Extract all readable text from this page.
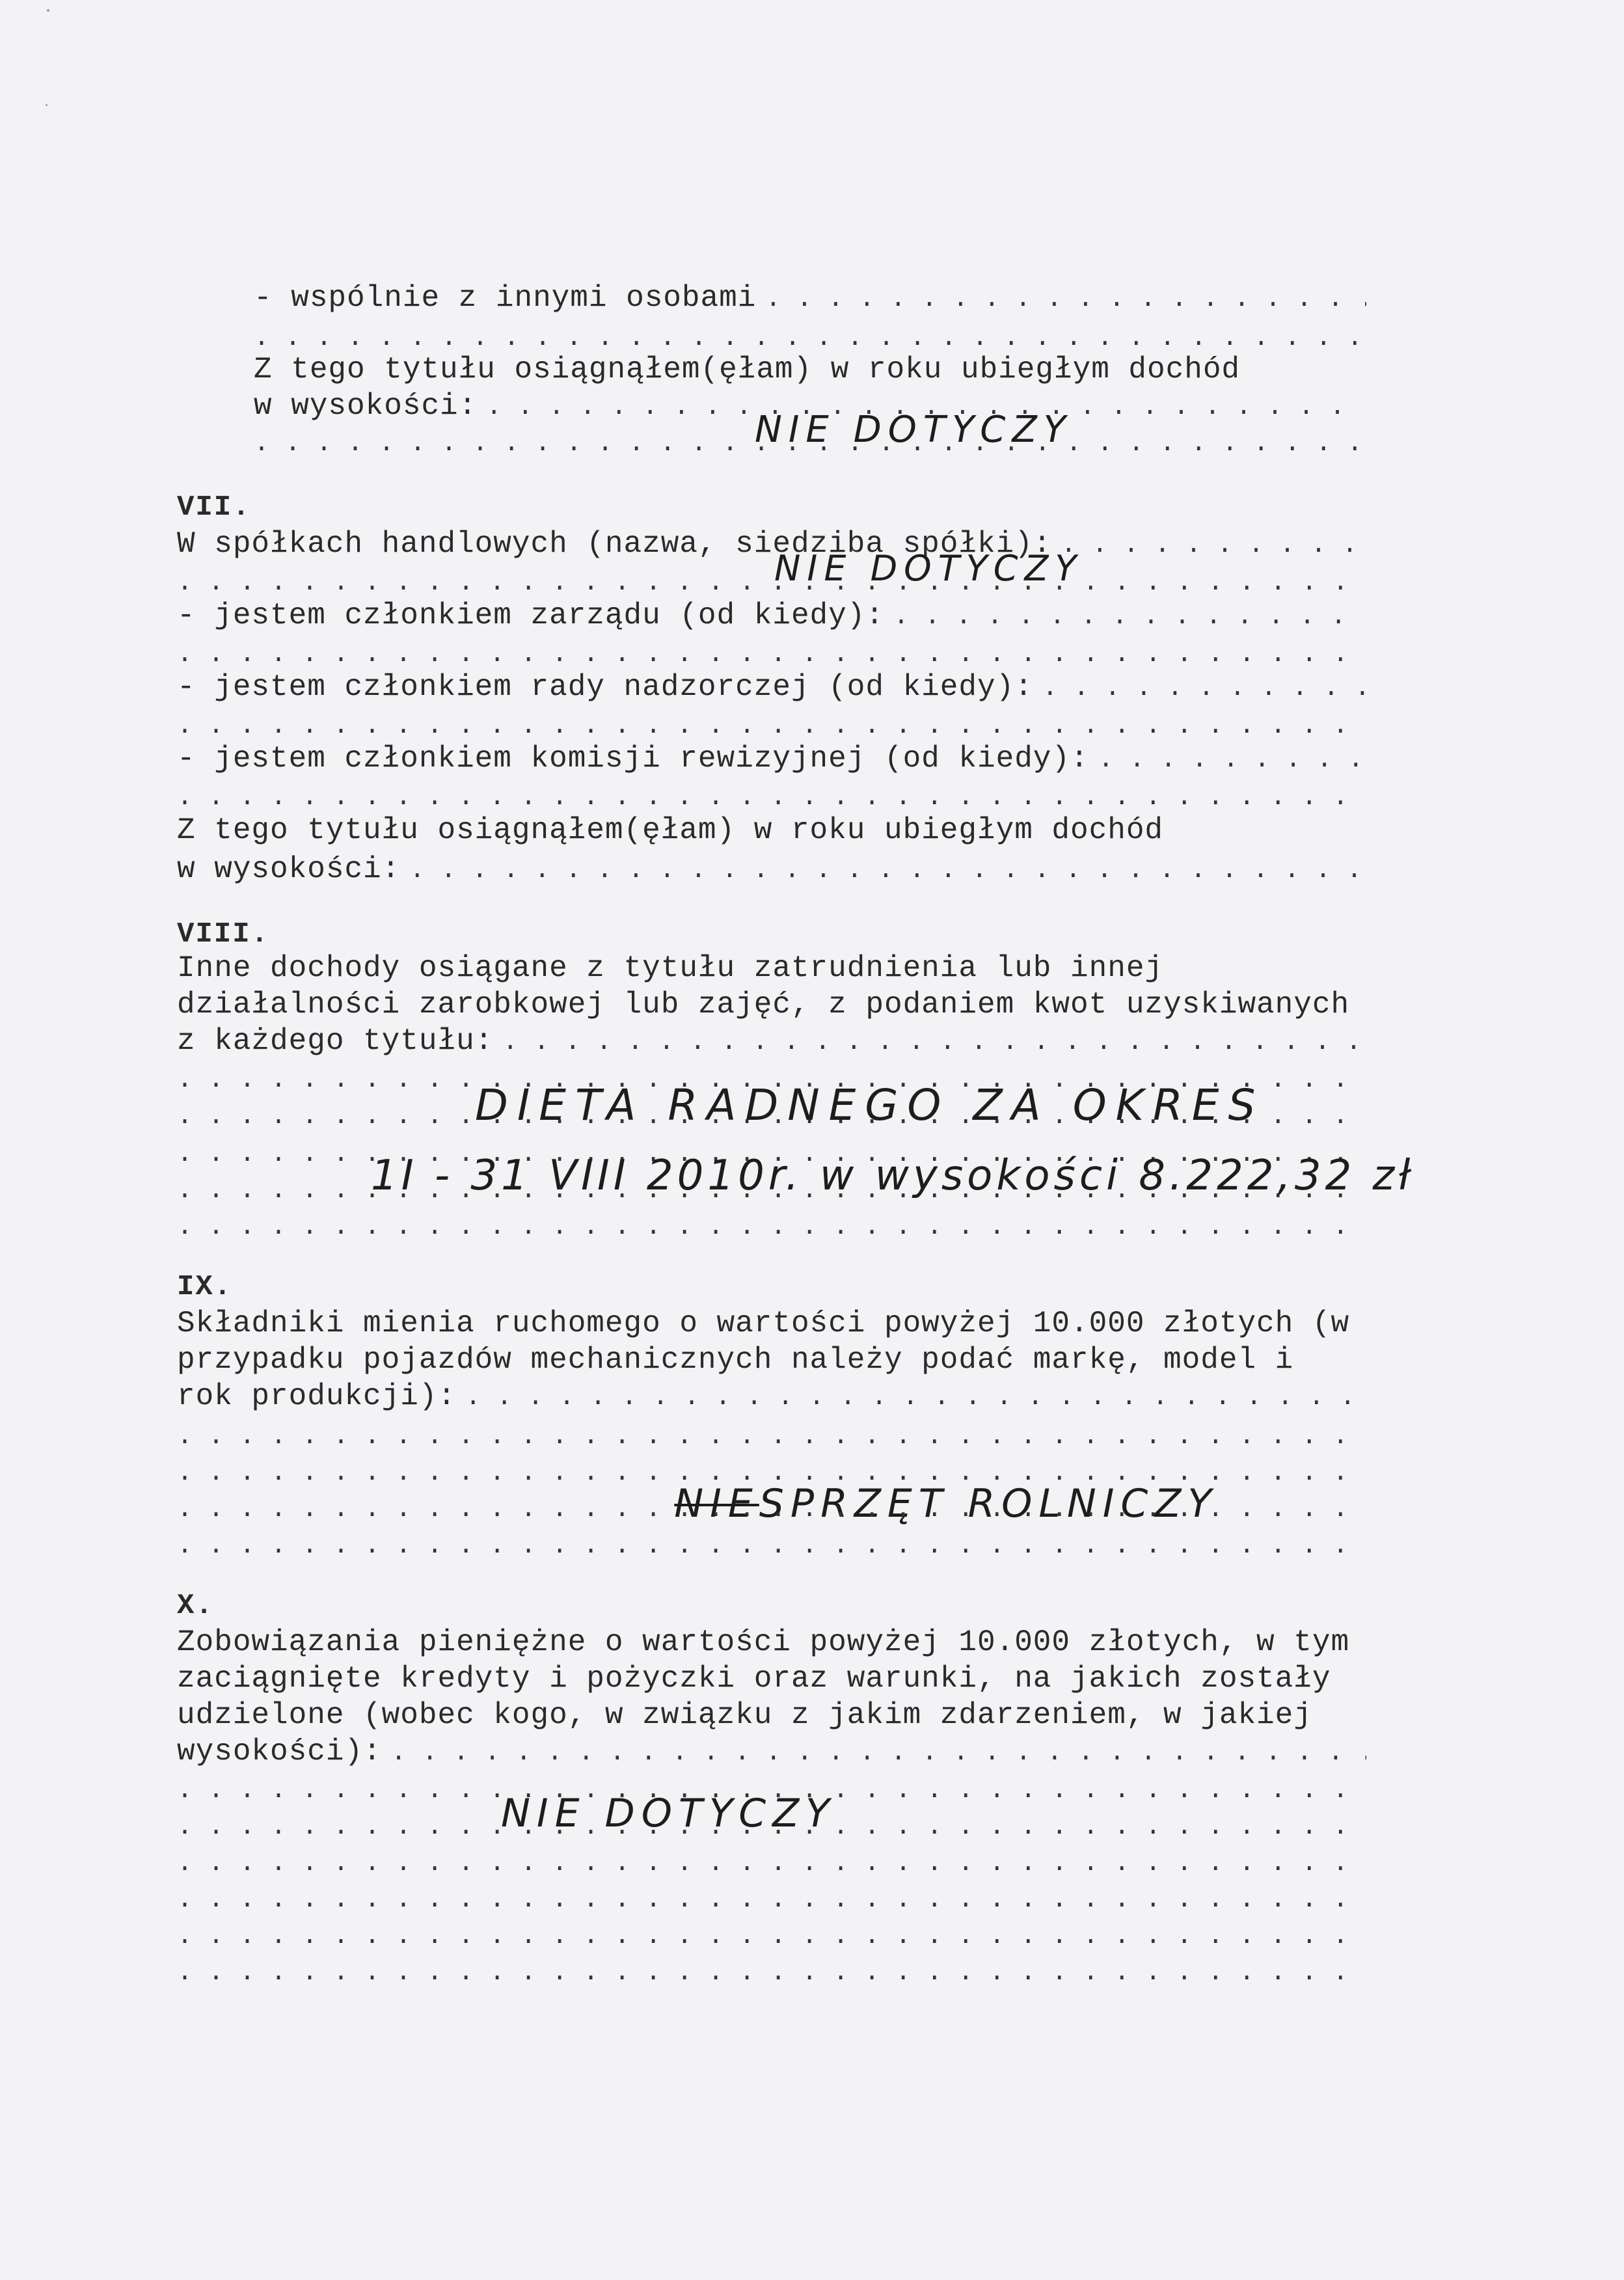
- wspólnie z innymi osobami
. . .
. . .
Z tego tytułu osiągnąłem(ęłam) w roku ubiegłym dochód
w wysokości:
. . .
. . .
NIE DOTYCZY
VII.
W spółkach handlowych (nazwa, siedziba spółki):
. . .
. . .
NIE DOTYCZY
- jestem członkiem zarządu (od kiedy):
. . .
. . .
- jestem członkiem rady nadzorczej (od kiedy):
. . .
. . .
- jestem członkiem komisji rewizyjnej (od kiedy):
. . .
. . .
Z tego tytułu osiągnąłem(ęłam) w roku ubiegłym dochód
w wysokości:
. . .
VIII.
Inne dochody osiągane z tytułu zatrudnienia lub innej
działalności zarobkowej lub zajęć, z podaniem kwot uzyskiwanych
z każdego tytułu:
. . .
. . .
. . .
DIETA RADNEGO ZA OKRES
. . .
. . .
1I - 31 VIII 2010r. w wysokości 8.222,32 zł
. . .
IX.
Składniki mienia ruchomego o wartości powyżej 10.000 złotych (w
przypadku pojazdów mechanicznych należy podać markę, model i
rok produkcji):
. . .
. . .
. . .

NIESPRZĘT ROLNICZY

. . .
. . .
X.
Zobowiązania pieniężne o wartości powyżej 10.000 złotych, w tym
zaciągnięte kredyty i pożyczki oraz warunki, na jakich zostały
udzielone (wobec kogo, w związku z jakim zdarzeniem, w jakiej
wysokości):
. . .
. . .
. . .
NIE DOTYCZY
. . .
. . .
. . .
. . .
